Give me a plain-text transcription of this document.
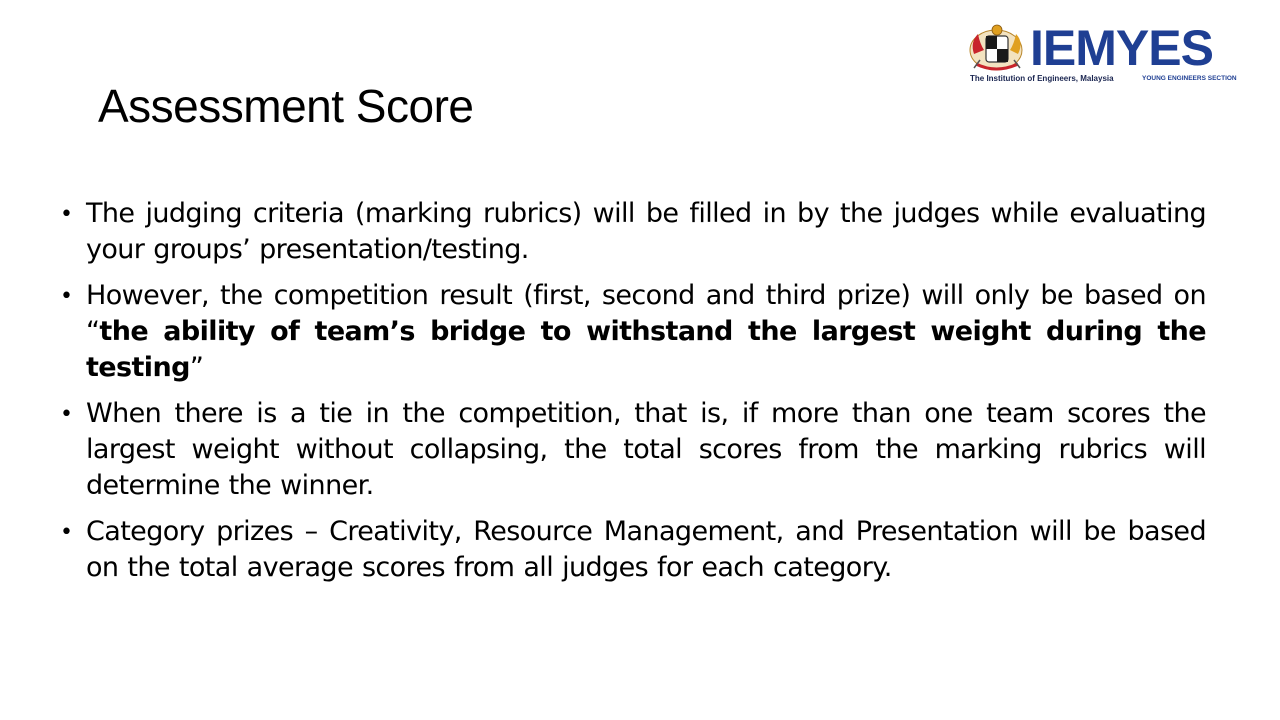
Assessment Score
IEMYES
The Institution of Engineers, Malaysia	YOUNG ENGINEERS SECTION
• The judging criteria (marking rubrics) will be filled in by the judges while evaluating your groups’ presentation/testing.
• However, the competition result (first, second and third prize) will only be based on “the ability of team’s bridge to withstand the largest weight during the testing”
• When there is a tie in the competition, that is, if more than one team scores the largest weight without collapsing, the total scores from the marking rubrics will determine the winner.
• Category prizes – Creativity, Resource Management, and Presentation will be based on the total average scores from all judges for each category.
